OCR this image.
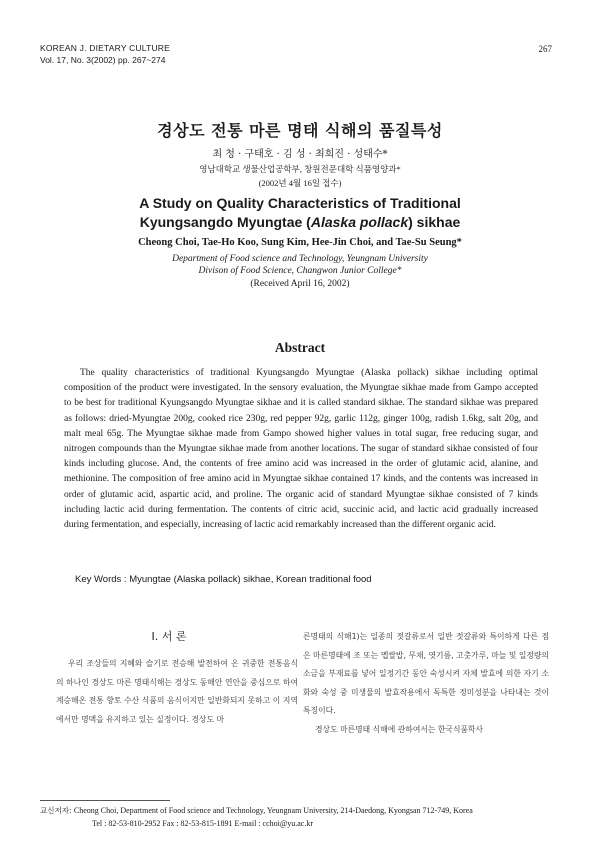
KOREAN J. DIETARY CULTURE
Vol. 17, No. 3(2002) pp. 267~274
267
경상도 전통 마른 명태 식해의 품질특성
최 청 · 구태호 · 김 성 · 최희진 · 성태수*
영남대학교 생물산업공학부, 창원전문대학 식품영양과*
(2002년 4월 16일 접수)
A Study on Quality Characteristics of Traditional
Kyungsangdo Myungtae (Alaska pollack) sikhae
Cheong Choi, Tae-Ho Koo, Sung Kim, Hee-Jin Choi, and Tae-Su Seung*
Department of Food science and Technology, Yeungnam University
Divison of Food Science, Changwon Junior College*
(Received April 16, 2002)
Abstract

The quality characteristics of traditional Kyungsangdo Myungtae (Alaska pollack) sikhae including optimal composition of the product were investigated. In the sensory evaluation, the Myungtae sikhae made from Gampo accepted to be best for traditional Kyungsangdo Myungtae sikhae and it is called standard sikhae. The standard sikhae was prepared as follows: dried-Myungtae 200g, cooked rice 230g, red pepper 92g, garlic 112g, ginger 100g, radish 1.6kg, salt 20g, and malt meal 65g. The Myungtae sikhae made from Gampo showed higher values in total sugar, free reducing sugar, and nitrogen compounds than the Myungtae sikhae made from another locations. The sugar of standard sikhae consisted of four kinds including glucose. And, the contents of free amino acid was increased in the order of glutamic acid, alanine, and methionine. The composition of free amino acid in Myungtae sikhae contained 17 kinds, and the contents was increased in order of glutamic acid, aspartic acid, and proline. The organic acid of standard Myungtae sikhae consisted of 7 kinds including lactic acid during fermentation. The contents of citric acid, succinic acid, and lactic acid gradually increased during fermentation, and especially, increasing of lactic acid remarkably increased than the different organic acid.

Key Words : Myungtae (Alaska pollack) sikhae, Korean traditional food
I. 서 론

우리 조상들의 지혜와 슬기로 전승해 발전하여 온 귀중한 전통음식의 하나인 경상도 마른 명태식해는 경상도 동해안 연안을 중심으로 하여 계승해온 전통 향토 수산 식품의 음식이지만 일반화되지 못하고 이 지역에서만 명맥을 유지하고 있는 실정이다. 경상도 마

른명태의 식해1)는 일종의 젓갈류로서 일반 젓갈류와 특이하게 다른 점은 마른명태에 조 또는 멥쌀밥, 무채, 엿기름, 고춧가루, 마늘 및 일정량의 소금을 부재료를 넣어 일정기간 동안 숙성시켜 자체 발효에 의한 자기 소화와 숙성 중 미생물의 발효작용에서 독특한 정미성분을 나타내는 것이 특징이다.

경상도 마른명태 식해에 관하여서는 한국식품학사

교신저자: Cheong Choi, Department of Food science and Technology, Yeungnam University, 214-Daedong, Kyongsan 712-749, Korea
Tel : 82-53-810-2952 Fax : 82-53-815-1891 E-mail : cchoi@yu.ac.kr
